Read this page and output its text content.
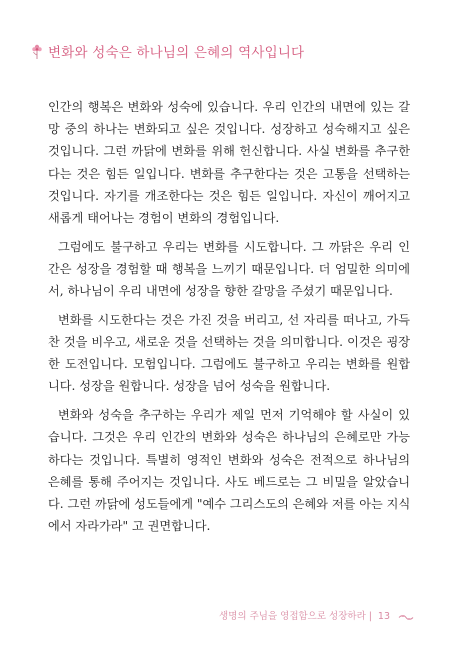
변화와 성숙은 하나님의 은혜의 역사입니다
인간의 행복은 변화와 성숙에 있습니다. 우리 인간의 내면에 있는 갈
망 중의 하나는 변화되고 싶은 것입니다. 성장하고 성숙해지고 싶은
것입니다. 그런 까닭에 변화를 위해 헌신합니다. 사실 변화를 추구한
다는 것은 힘든 일입니다. 변화를 추구한다는 것은 고통을 선택하는
것입니다. 자기를 개조한다는 것은 힘든 일입니다. 자신이 깨어지고
새롭게 태어나는 경험이 변화의 경험입니다.
그럼에도 불구하고 우리는 변화를 시도합니다. 그 까닭은 우리 인
간은 성장을 경험할 때 행복을 느끼기 때문입니다. 더 엄밀한 의미에
서, 하나님이 우리 내면에 성장을 향한 갈망을 주셨기 때문입니다.
변화를 시도한다는 것은 가진 것을 버리고, 선 자리를 떠나고, 가득
찬 것을 비우고, 새로운 것을 선택하는 것을 의미합니다. 이것은 굉장
한 도전입니다. 모험입니다. 그럼에도 불구하고 우리는 변화를 원합
니다. 성장을 원합니다. 성장을 넘어 성숙을 원합니다.
변화와 성숙을 추구하는 우리가 제일 먼저 기억해야 할 사실이 있
습니다. 그것은 우리 인간의 변화와 성숙은 하나님의 은혜로만 가능
하다는 것입니다. 특별히 영적인 변화와 성숙은 전적으로 하나님의
은혜를 통해 주어지는 것입니다. 사도 베드로는 그 비밀을 알았습니
다. 그런 까닭에 성도들에게 "예수 그리스도의 은혜와 저를 아는 지식
에서 자라가라" 고 권면합니다.
생명의 주님을 영접함으로 성장하라 | 13
